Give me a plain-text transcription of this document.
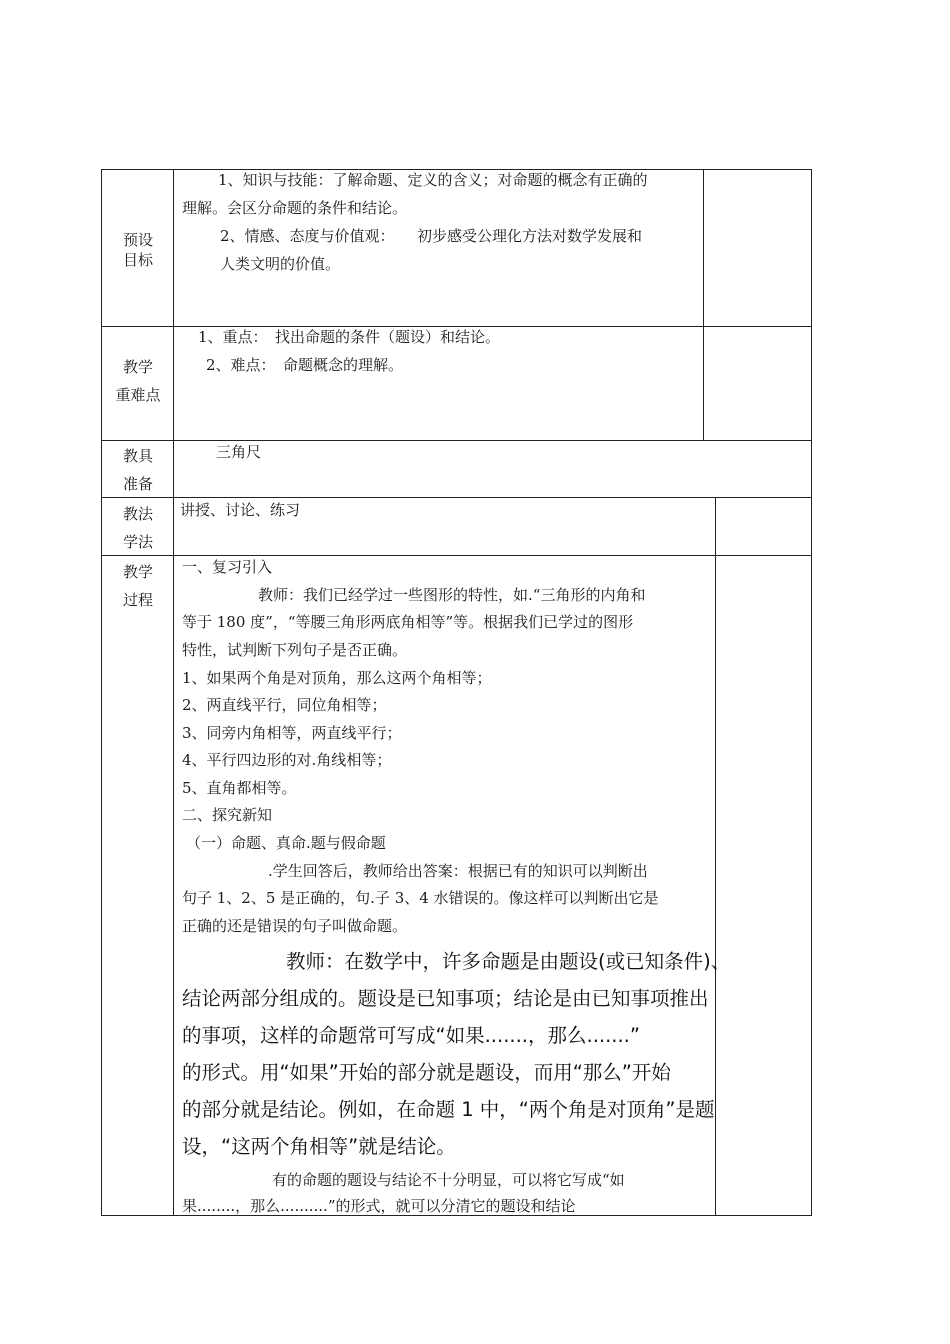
预设
目标
1、知识与技能：了解命题、定义的含义；对命题的概念有正确的
理解。会区分命题的条件和结论。
2、情感、态度与价值观：　　初步感受公理化方法对数学发展和
人类文明的价值。
教学
重难点
1、重点：　找出命题的条件（题设）和结论。
2、难点：　命题概念的理解。
教具
准备
三角尺
教法
学法
讲授、讨论、练习
教学
过程
一、复习引入
教师：我们已经学过一些图形的特性，如.“三角形的内角和
等于 180 度”，“等腰三角形两底角相等”等。根据我们已学过的图形
特性，试判断下列句子是否正确。
1、如果两个角是对顶角，那么这两个角相等；
2、两直线平行，同位角相等；
3、同旁内角相等，两直线平行；
4、平行四边形的对.角线相等；
5、直角都相等。
二、探究新知
（一）命题、真命.题与假命题
.学生回答后，教师给出答案：根据已有的知识可以判断出
句子 1、2、5 是正确的，句.子 3、4 水错误的。像这样可以判断出它是
正确的还是错误的句子叫做命题。
教师：在数学中，许多命题是由题设(或已知条件)、
结论两部分组成的。题设是已知事项；结论是由已知事项推出
的事项，这样的命题常可写成“如果.......，那么.......”
的形式。用“如果”开始的部分就是题设，而用“那么”开始
的部分就是结论。例如，在命题 1 中，“两个角是对顶角”是题
设，“这两个角相等”就是结论。
有的命题的题设与结论不十分明显，可以将它写成“如
果........，那么..........”的形式，就可以分清它的题设和结论
